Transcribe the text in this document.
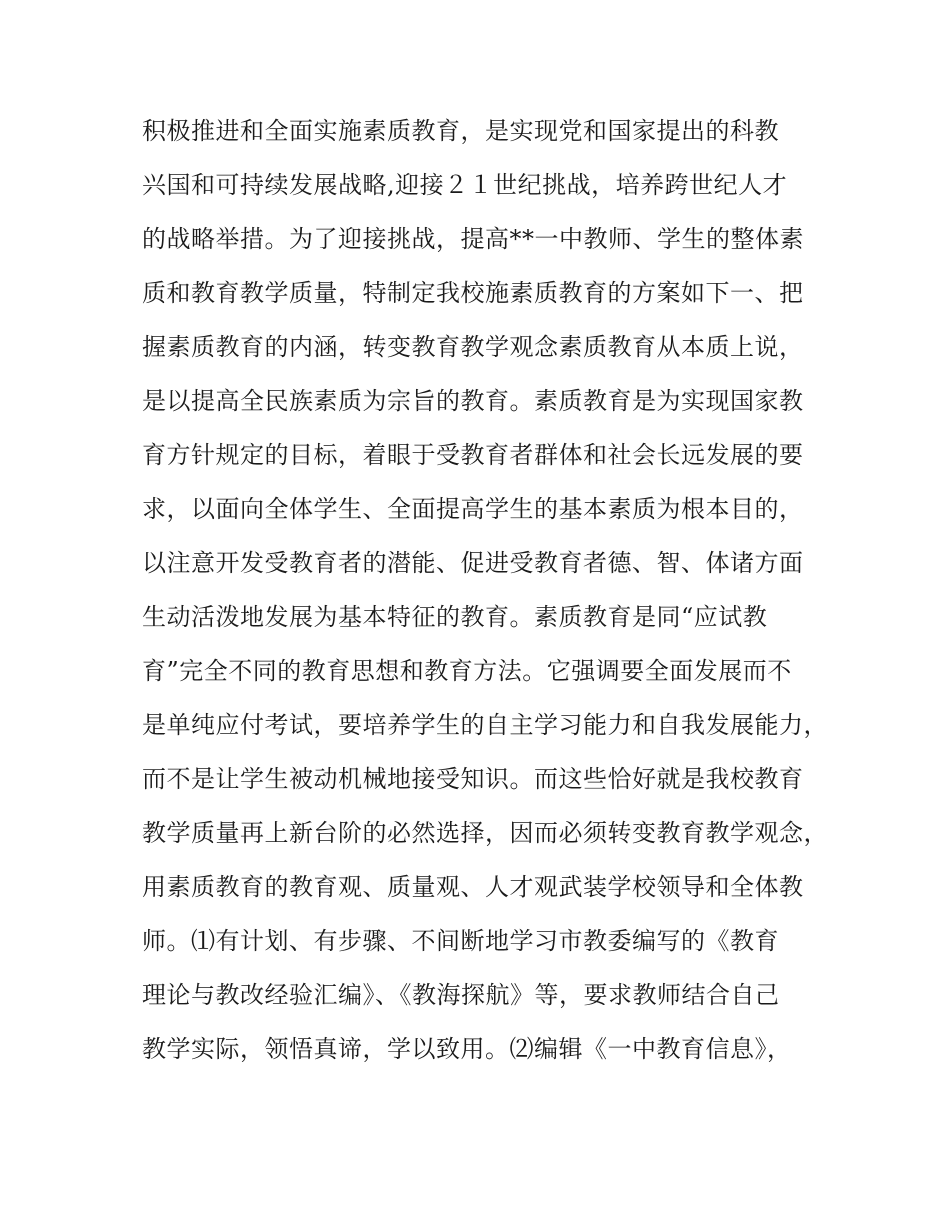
积极推进和全面实施素质教育，是实现党和国家提出的科教
兴国和可持续发展战略,迎接２１世纪挑战，培养跨世纪人才
的战略举措。为了迎接挑战，提高**一中教师、学生的整体素
质和教育教学质量，特制定我校施素质教育的方案如下一、把
握素质教育的内涵，转变教育教学观念素质教育从本质上说，
是以提高全民族素质为宗旨的教育。素质教育是为实现国家教
育方针规定的目标，着眼于受教育者群体和社会长远发展的要
求，以面向全体学生、全面提高学生的基本素质为根本目的，
以注意开发受教育者的潜能、促进受教育者德、智、体诸方面
生动活泼地发展为基本特征的教育。素质教育是同“应试教
育”完全不同的教育思想和教育方法。它强调要全面发展而不
是单纯应付考试，要培养学生的自主学习能力和自我发展能力，
而不是让学生被动机械地接受知识。而这些恰好就是我校教育
教学质量再上新台阶的必然选择，因而必须转变教育教学观念，
用素质教育的教育观、质量观、人才观武装学校领导和全体教
师。⑴有计划、有步骤、不间断地学习市教委编写的《教育
理论与教改经验汇编》、《教海探航》等，要求教师结合自己
教学实际，领悟真谛，学以致用。⑵编辑《一中教育信息》，
